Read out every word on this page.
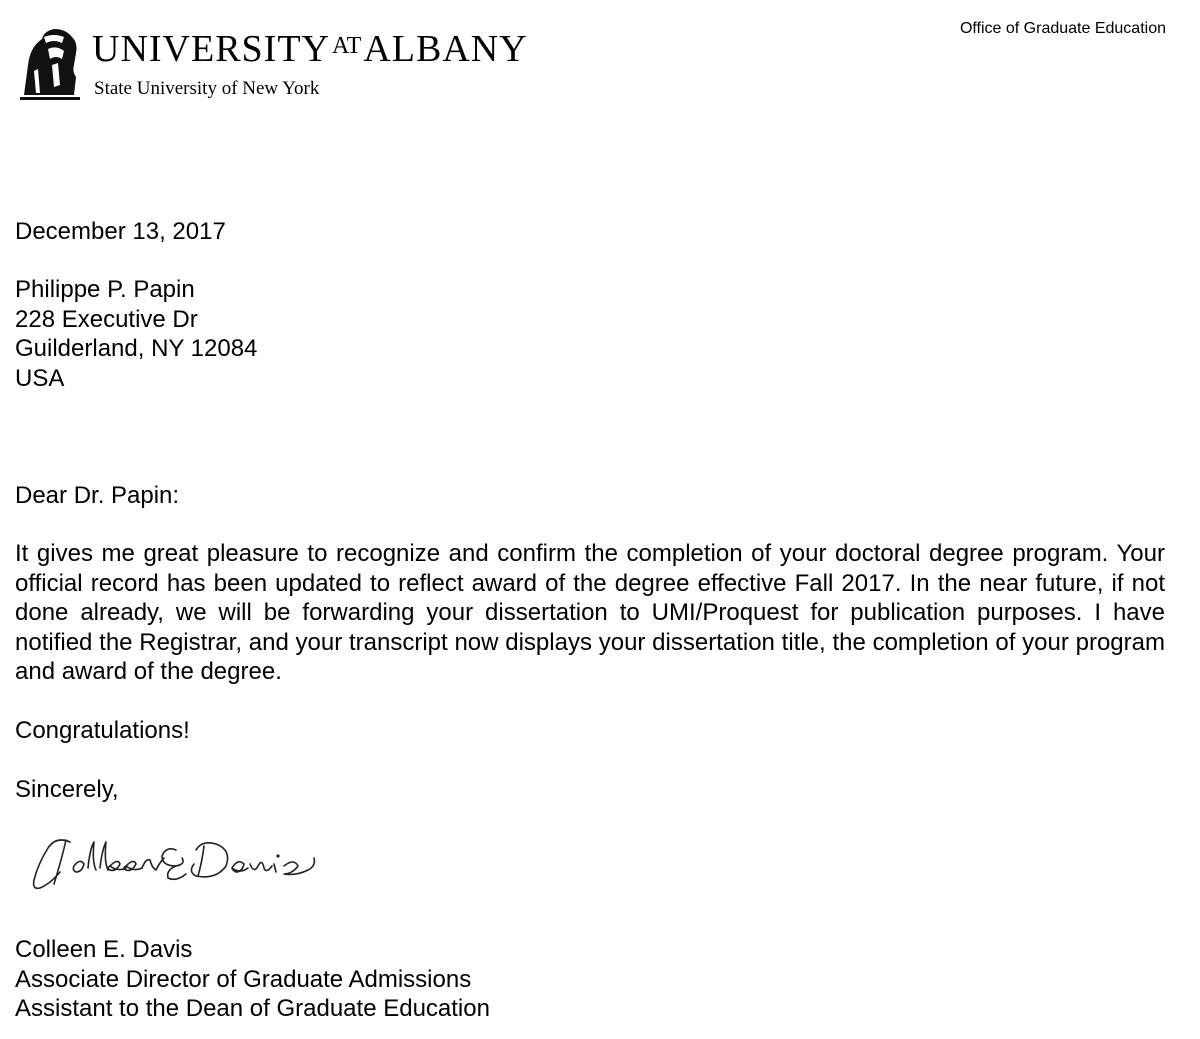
Office of Graduate Education
$UNIVERSITY^{AT}ALBANY$
State University of New York
December 13, 2017
Philippe P. Papin
228 Executive Dr
Guilderland, NY 12084
USA
Dear Dr. Papin:
It gives me great pleasure to recognize and confirm the completion of your doctoral degree program. Your official record has been updated to reflect award of the degree effective Fall 2017. In the near future, if not done already, we will be forwarding your dissertation to UMI/Proquest for publication purposes. I have notified the Registrar, and your transcript now displays your dissertation title, the completion of your program and award of the degree.
Congratulations!
Sincerely,
Colleen E. Davis
Associate Director of Graduate Admissions
Assistant to the Dean of Graduate Education
